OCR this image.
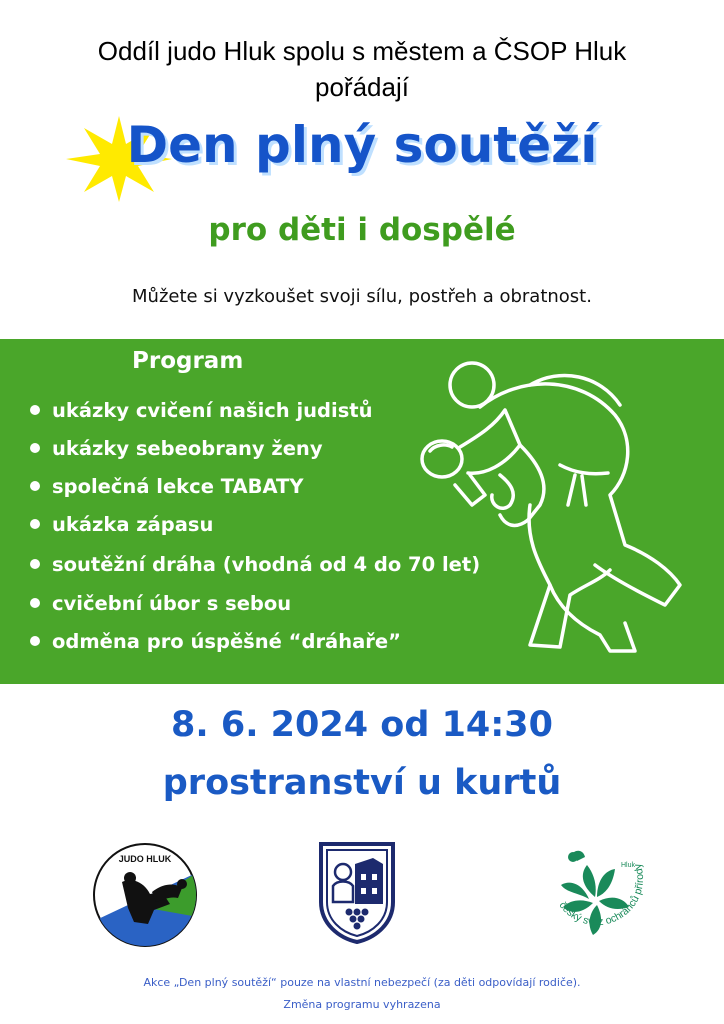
Oddíl judo Hluk spolu s městem a ČSOP Hluk
pořádají
Den plný soutěží
pro děti i dospělé
Můžete si vyzkoušet svoji sílu, postřeh a obratnost.
Program
ukázky cvičení našich judistů
ukázky sebeobrany ženy
společná lekce TABATY
ukázka zápasu
soutěžní dráha (vhodná od 4 do 70 let)
cvičební úbor s sebou
odměna pro úspěšné “dráhaře”
8. 6. 2024 od 14:30
prostranství u kurtů
JUDO HLUK
Hluk
český svaz ochránců přírody
Akce „Den plný soutěží“ pouze na vlastní nebezpečí (za děti odpovídají rodiče).
Změna programu vyhrazena
